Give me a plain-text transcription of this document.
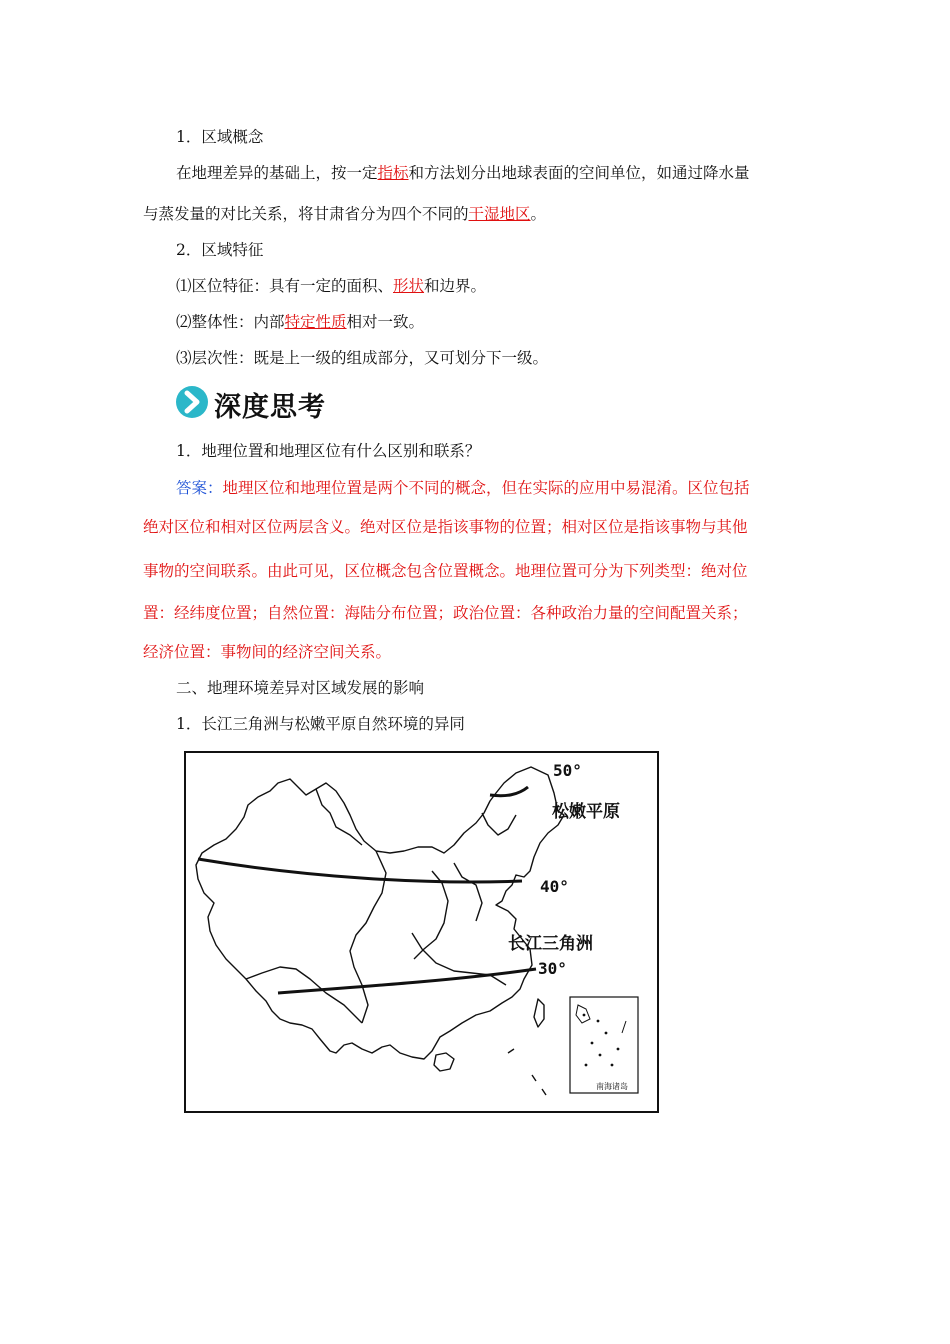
1．区域概念
在地理差异的基础上，按一定指标和方法划分出地球表面的空间单位，如通过降水量
与蒸发量的对比关系，将甘肃省分为四个不同的干湿地区。
2．区域特征
⑴区位特征：具有一定的面积、形状和边界。
⑵整体性：内部特定性质相对一致。
⑶层次性：既是上一级的组成部分，又可划分下一级。
深度思考
1．地理位置和地理区位有什么区别和联系？
答案：地理区位和地理位置是两个不同的概念，但在实际的应用中易混淆。区位包括
绝对区位和相对区位两层含义。绝对区位是指该事物的位置；相对区位是指该事物与其他
事物的空间联系。由此可见，区位概念包含位置概念。地理位置可分为下列类型：绝对位
置：经纬度位置；自然位置：海陆分布位置；政治位置：各种政治力量的空间配置关系；
经济位置：事物间的经济空间关系。
二、地理环境差异对区域发展的影响
1．长江三角洲与松嫩平原自然环境的异同
50°
松嫩平原
40°
长江三角洲
30°
南海诸岛
